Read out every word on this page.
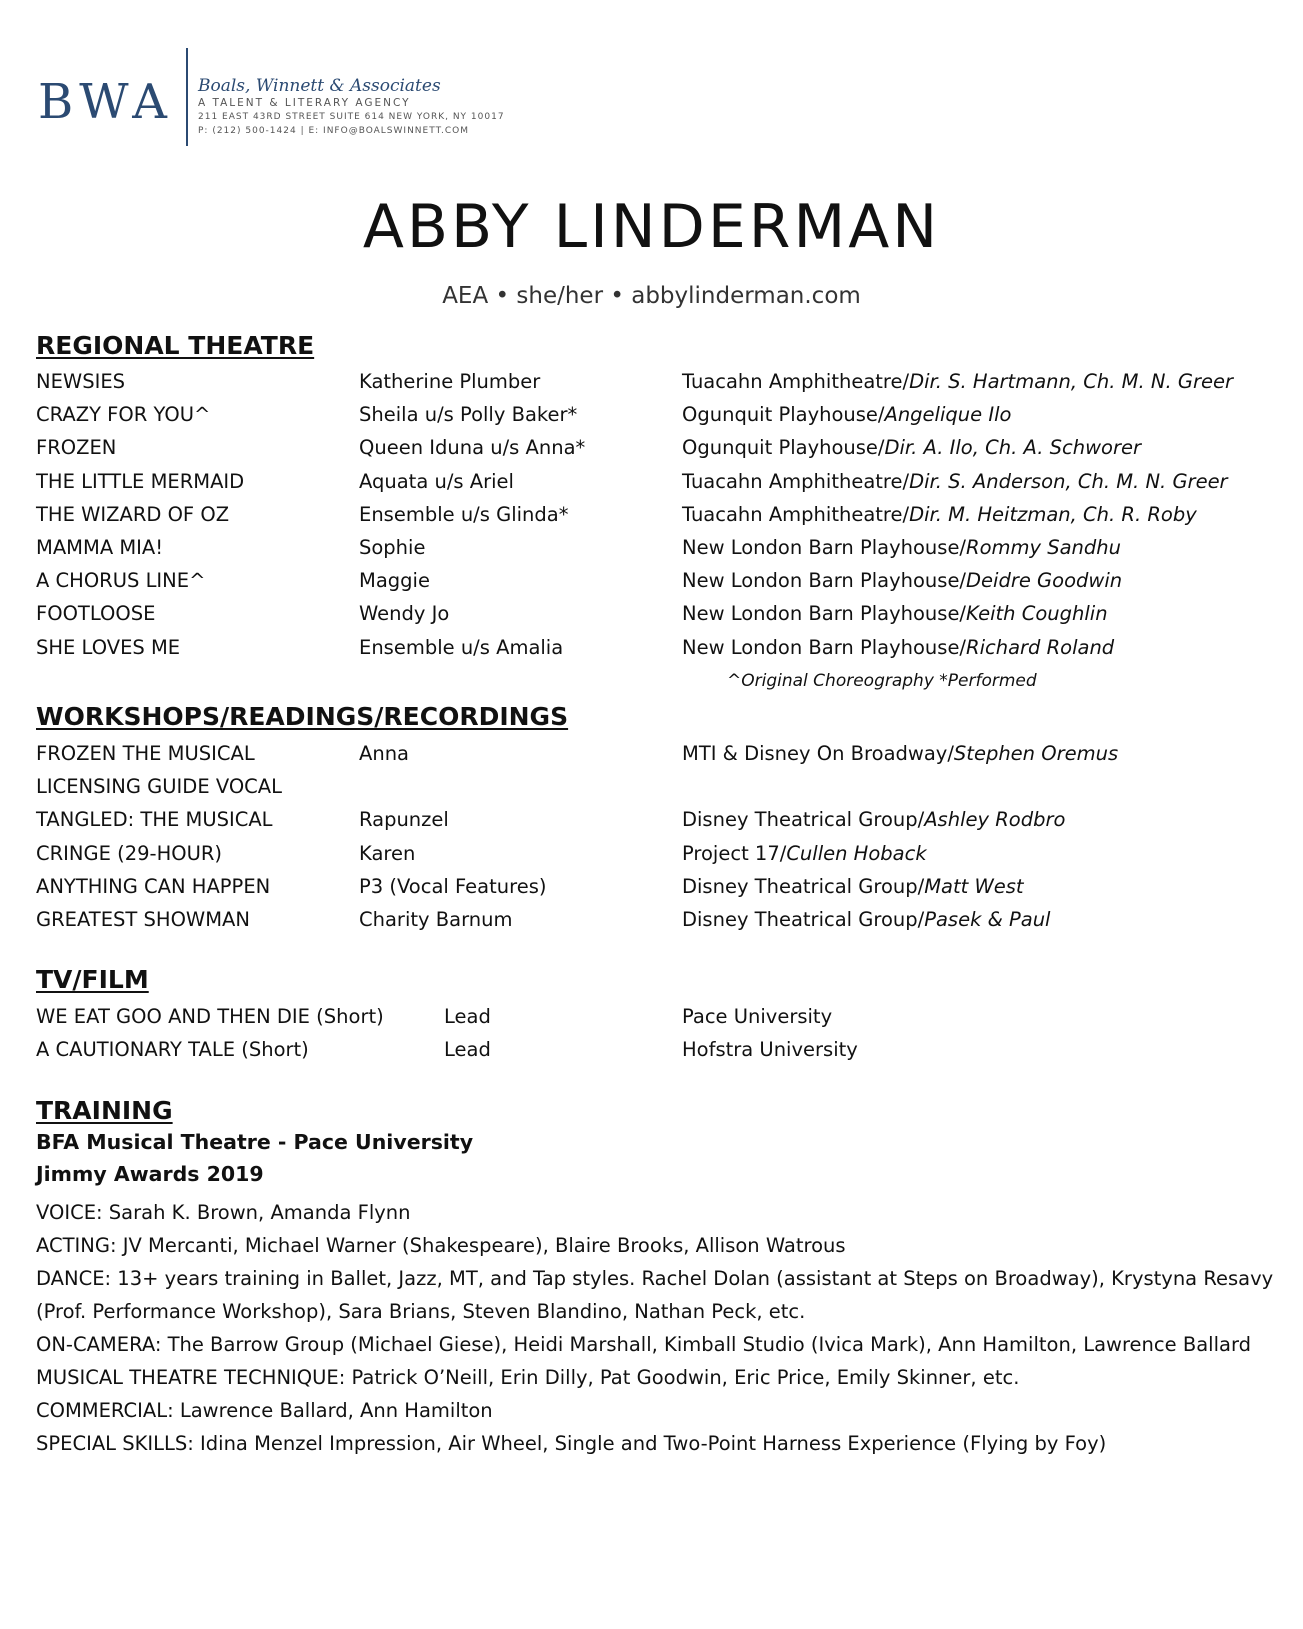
BWA Boals, Winnett & Associates
A TALENT & LITERARY AGENCY
211 EAST 43RD STREET SUITE 614 NEW YORK, NY 10017
P: (212) 500-1424 | E: INFO@BOALSWINNETT.COM
ABBY LINDERMAN
AEA • she/her • abbylinderman.com
REGIONAL THEATRE
NEWSIES	Katherine Plumber	Tuacahn Amphitheatre/Dir. S. Hartmann, Ch. M. N. Greer
CRAZY FOR YOU^	Sheila u/s Polly Baker*	Ogunquit Playhouse/Angelique Ilo
FROZEN	Queen Iduna u/s Anna*	Ogunquit Playhouse/Dir. A. Ilo, Ch. A. Schworer
THE LITTLE MERMAID	Aquata u/s Ariel	Tuacahn Amphitheatre/Dir. S. Anderson, Ch. M. N. Greer
THE WIZARD OF OZ	Ensemble u/s Glinda*	Tuacahn Amphitheatre/Dir. M. Heitzman, Ch. R. Roby
MAMMA MIA!	Sophie	New London Barn Playhouse/Rommy Sandhu
A CHORUS LINE^	Maggie	New London Barn Playhouse/Deidre Goodwin
FOOTLOOSE	Wendy Jo	New London Barn Playhouse/Keith Coughlin
SHE LOVES ME	Ensemble u/s Amalia	New London Barn Playhouse/Richard Roland
^Original Choreography *Performed
WORKSHOPS/READINGS/RECORDINGS
FROZEN THE MUSICAL	Anna	MTI & Disney On Broadway/Stephen Oremus
LICENSING GUIDE VOCAL
TANGLED: THE MUSICAL	Rapunzel	Disney Theatrical Group/Ashley Rodbro
CRINGE (29-HOUR)	Karen	Project 17/Cullen Hoback
ANYTHING CAN HAPPEN	P3 (Vocal Features)	Disney Theatrical Group/Matt West
GREATEST SHOWMAN	Charity Barnum	Disney Theatrical Group/Pasek & Paul
TV/FILM
WE EAT GOO AND THEN DIE (Short)	Lead	Pace University
A CAUTIONARY TALE (Short)	Lead	Hofstra University
TRAINING
BFA Musical Theatre - Pace University
Jimmy Awards 2019
VOICE: Sarah K. Brown, Amanda Flynn
ACTING: JV Mercanti, Michael Warner (Shakespeare), Blaire Brooks, Allison Watrous
DANCE: 13+ years training in Ballet, Jazz, MT, and Tap styles. Rachel Dolan (assistant at Steps on Broadway), Krystyna Resavy (Prof. Performance Workshop), Sara Brians, Steven Blandino, Nathan Peck, etc.
ON-CAMERA: The Barrow Group (Michael Giese), Heidi Marshall, Kimball Studio (Ivica Mark), Ann Hamilton, Lawrence Ballard
MUSICAL THEATRE TECHNIQUE: Patrick O’Neill, Erin Dilly, Pat Goodwin, Eric Price, Emily Skinner, etc.
COMMERCIAL: Lawrence Ballard, Ann Hamilton
SPECIAL SKILLS: Idina Menzel Impression, Air Wheel, Single and Two-Point Harness Experience (Flying by Foy)
